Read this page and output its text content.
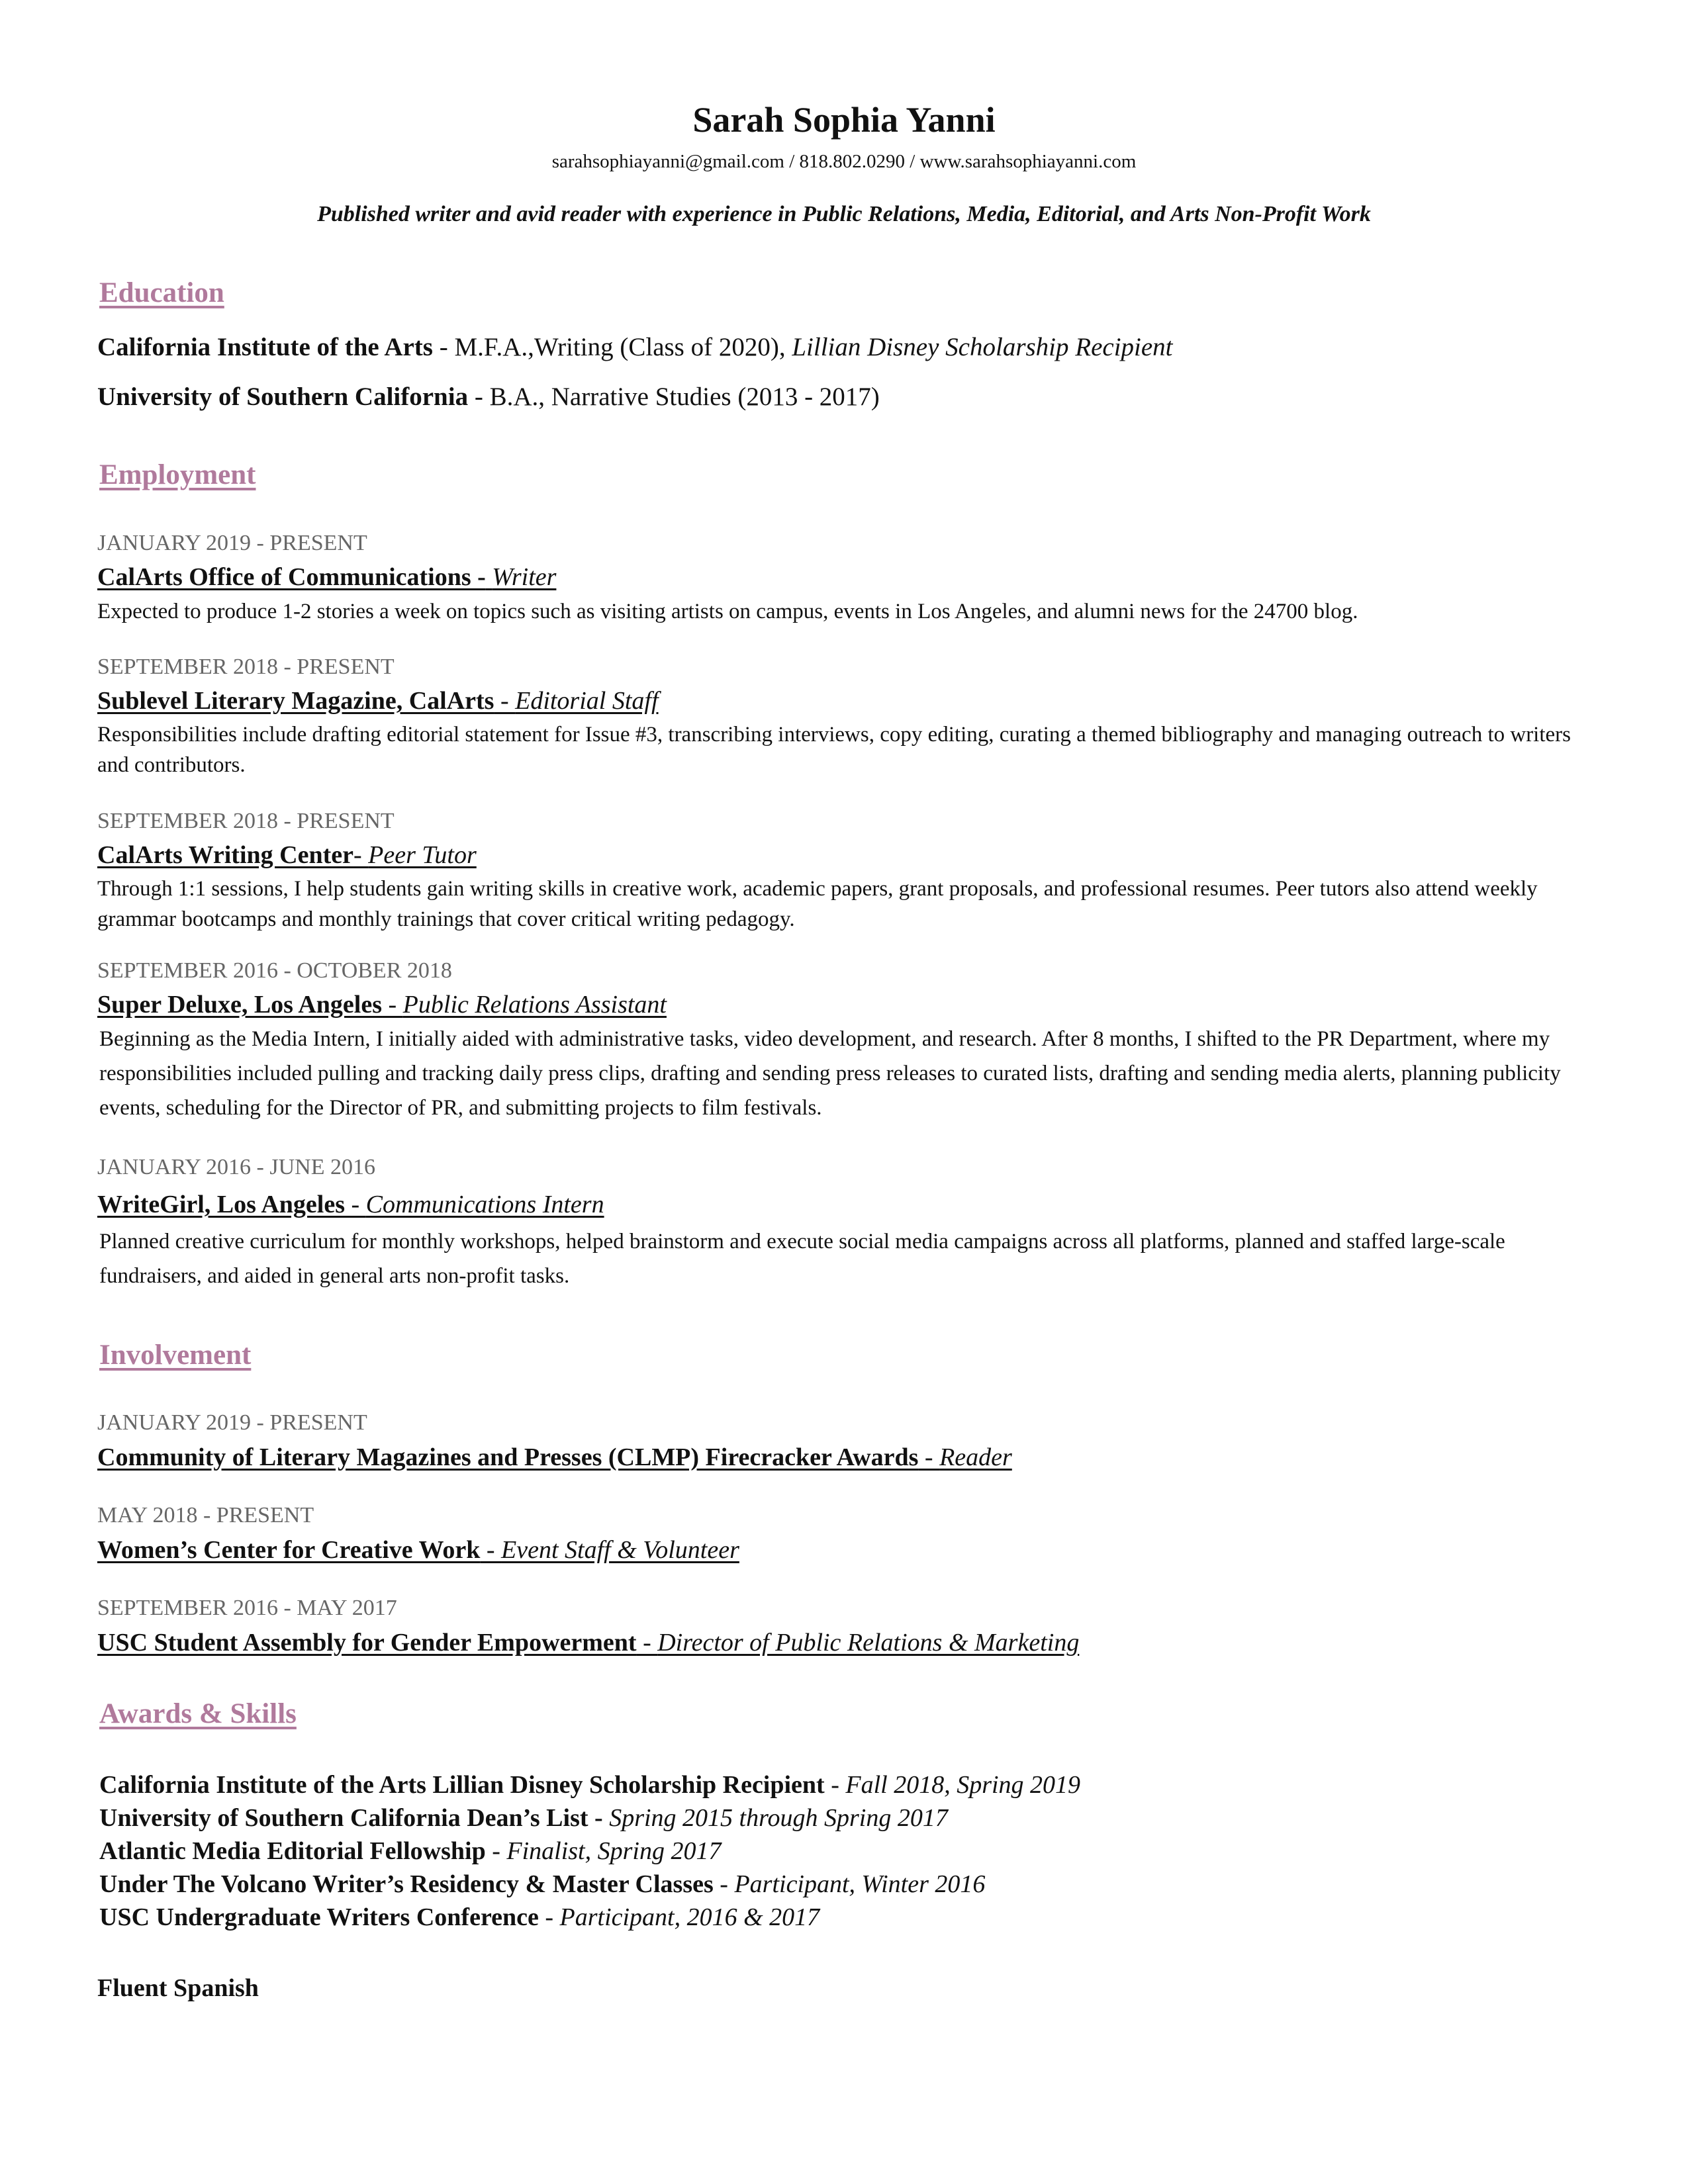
Sarah Sophia Yanni
sarahsophiayanni@gmail.com / 818.802.0290 / www.sarahsophiayanni.com
Published writer and avid reader with experience in Public Relations, Media, Editorial, and Arts Non-Profit Work
Education
California Institute of the Arts - M.F.A.,Writing (Class of 2020), Lillian Disney Scholarship Recipient
University of Southern California - B.A., Narrative Studies (2013 - 2017)
Employment
JANUARY 2019 - PRESENT
CalArts Office of Communications - Writer
Expected to produce 1-2 stories a week on topics such as visiting artists on campus, events in Los Angeles, and alumni news for the 24700 blog.
SEPTEMBER 2018 - PRESENT
Sublevel Literary Magazine, CalArts - Editorial Staff
Responsibilities include drafting editorial statement for Issue #3, transcribing interviews, copy editing, curating a themed bibliography and managing outreach to writers and contributors.
SEPTEMBER 2018 - PRESENT
CalArts Writing Center- Peer Tutor
Through 1:1 sessions, I help students gain writing skills in creative work, academic papers, grant proposals, and professional resumes. Peer tutors also attend weekly grammar bootcamps and monthly trainings that cover critical writing pedagogy.
SEPTEMBER 2016 - OCTOBER 2018
Super Deluxe, Los Angeles - Public Relations Assistant
Beginning as the Media Intern, I initially aided with administrative tasks, video development, and research. After 8 months, I shifted to the PR Department, where my responsibilities included pulling and tracking daily press clips, drafting and sending press releases to curated lists, drafting and sending media alerts, planning publicity events, scheduling for the Director of PR, and submitting projects to film festivals.
JANUARY 2016 - JUNE 2016
WriteGirl, Los Angeles - Communications Intern
Planned creative curriculum for monthly workshops, helped brainstorm and execute social media campaigns across all platforms, planned and staffed large-scale fundraisers, and aided in general arts non-profit tasks.
Involvement
JANUARY 2019 - PRESENT
Community of Literary Magazines and Presses (CLMP) Firecracker Awards - Reader
MAY 2018 - PRESENT
Women’s Center for Creative Work - Event Staff & Volunteer
SEPTEMBER 2016 - MAY 2017
USC Student Assembly for Gender Empowerment - Director of Public Relations & Marketing
Awards & Skills
California Institute of the Arts Lillian Disney Scholarship Recipient - Fall 2018, Spring 2019
University of Southern California Dean’s List - Spring 2015 through Spring 2017
Atlantic Media Editorial Fellowship - Finalist, Spring 2017
Under The Volcano Writer’s Residency & Master Classes - Participant, Winter 2016
USC Undergraduate Writers Conference - Participant, 2016 & 2017
Fluent Spanish
